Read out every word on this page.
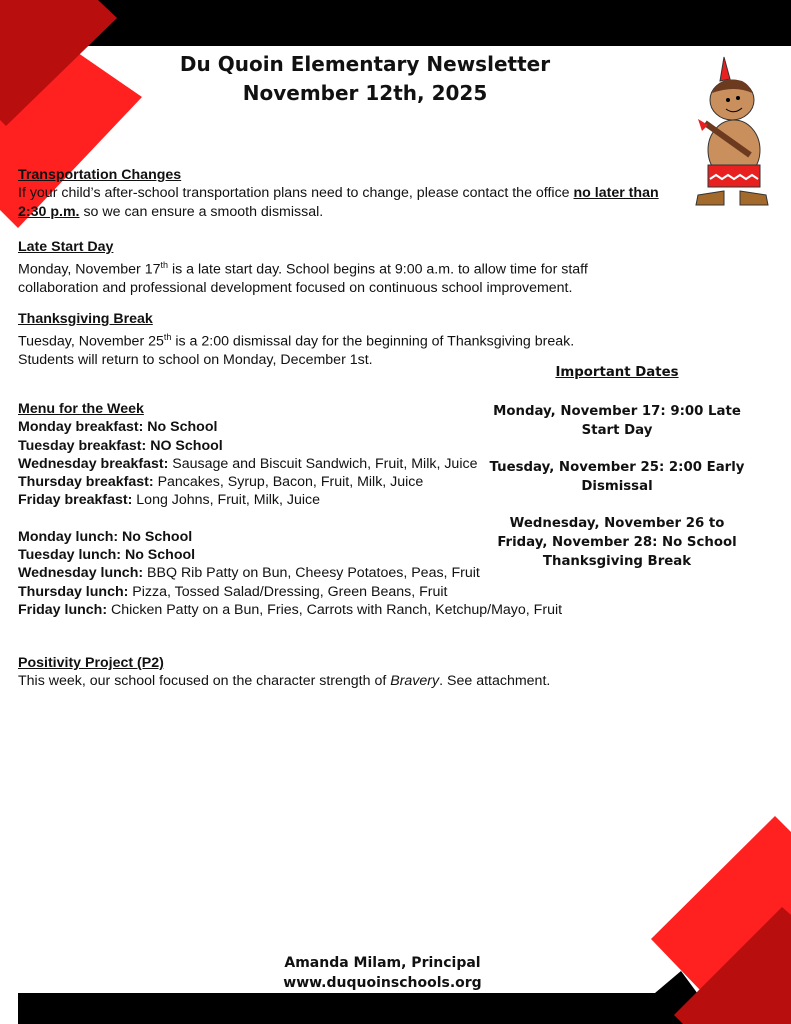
Du Quoin Elementary Newsletter
November 12th, 2025
Transportation Changes
If your child’s after-school transportation plans need to change, please contact the office no later than 2:30 p.m. so we can ensure a smooth dismissal.
Late Start Day
Monday, November 17th is a late start day. School begins at 9:00 a.m. to allow time for staff collaboration and professional development focused on continuous school improvement.
Thanksgiving Break
Tuesday, November 25th is a 2:00 dismissal day for the beginning of Thanksgiving break.
Students will return to school on Monday, December 1st.
Menu for the Week
Monday breakfast: No School
Tuesday breakfast: NO School
Wednesday breakfast: Sausage and Biscuit Sandwich, Fruit, Milk, Juice
Thursday breakfast: Pancakes, Syrup, Bacon, Fruit, Milk, Juice
Friday breakfast: Long Johns, Fruit, Milk, Juice
Monday lunch: No School
Tuesday lunch: No School
Wednesday lunch: BBQ Rib Patty on Bun, Cheesy Potatoes, Peas, Fruit
Thursday lunch: Pizza, Tossed Salad/Dressing, Green Beans, Fruit
Friday lunch: Chicken Patty on a Bun, Fries, Carrots with Ranch, Ketchup/Mayo, Fruit
Positivity Project (P2)
This week, our school focused on the character strength of Bravery. See attachment.

Important Dates

Monday, November 17: 9:00 Late Start Day

Tuesday, November 25: 2:00 Early Dismissal

Wednesday, November 26 to Friday, November 28: No School Thanksgiving Break

Amanda Milam, Principal
www.duquoinschools.org
